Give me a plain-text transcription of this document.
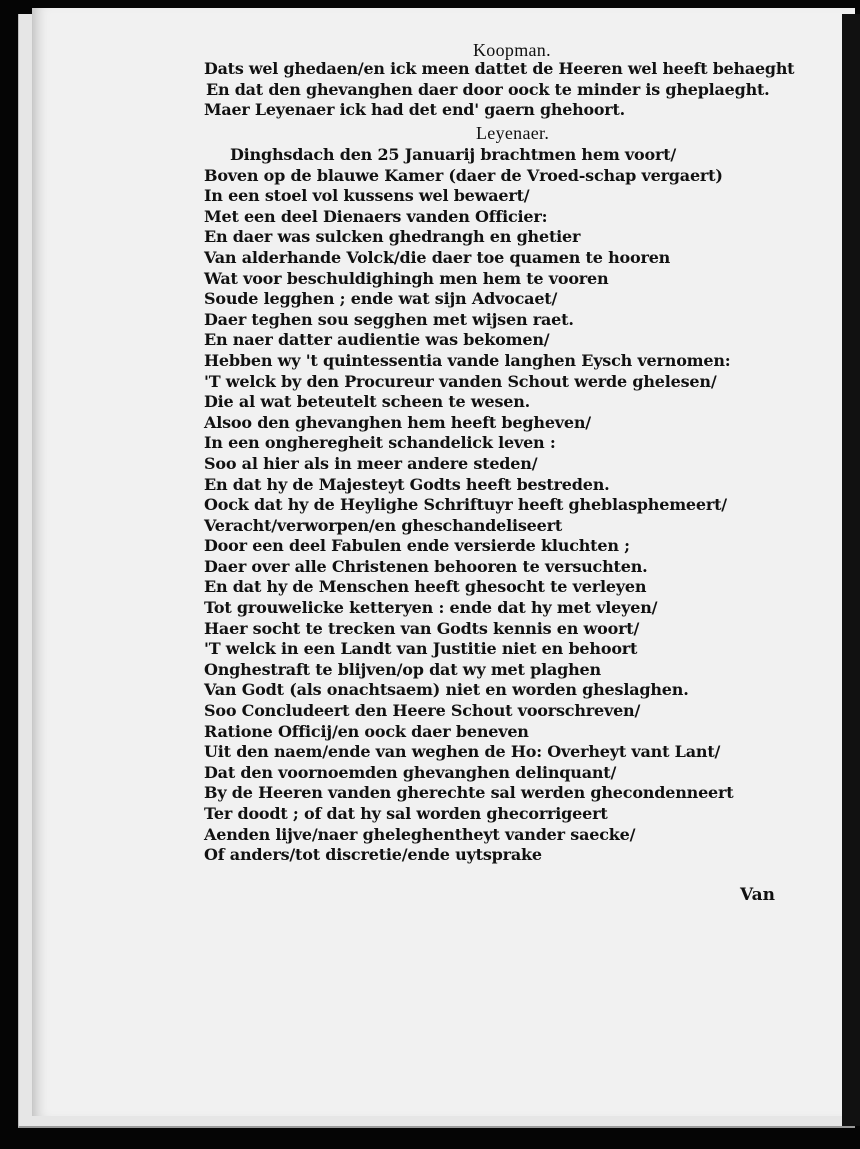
Koopman.
Dats wel ghedaen/en ick meen dattet de Heeren wel heeft behaeght
En dat den ghevanghen daer door oock te minder is gheplaeght.
Maer Leyenaer ick had det end' gaern ghehoort.
Leyenaer.
Dinghsdach den 25 Januarij brachtmen hem voort/
Boven op de blauwe Kamer (daer de Vroed-schap vergaert)
In een stoel vol kussens wel bewaert/
Met een deel Dienaers vanden Officier:
En daer was sulcken ghedrangh en ghetier
Van alderhande Volck/die daer toe quamen te hooren
Wat voor beschuldighingh men hem te vooren
Soude legghen ; ende wat sijn Advocaet/
Daer teghen sou segghen met wijsen raet.
En naer datter audientie was bekomen/
Hebben wy 't quintessentia vande langhen Eysch vernomen:
'T welck by den Procureur vanden Schout werde ghelesen/
Die al wat beteutelt scheen te wesen.
Alsoo den ghevanghen hem heeft begheven/
In een ongheregheit schandelick leven :
Soo al hier als in meer andere steden/
En dat hy de Majesteyt Godts heeft bestreden.
Oock dat hy de Heylighe Schriftuyr heeft gheblasphemeert/
Veracht/verworpen/en gheschandeliseert
Door een deel Fabulen ende versierde kluchten ;
Daer over alle Christenen behooren te versuchten.
En dat hy de Menschen heeft ghesocht te verleyen
Tot grouwelicke ketteryen : ende dat hy met vleyen/
Haer socht te trecken van Godts kennis en woort/
'T welck in een Landt van Justitie niet en behoort
Onghestraft te blijven/op dat wy met plaghen
Van Godt (als onachtsaem) niet en worden gheslaghen.
Soo Concludeert den Heere Schout voorschreven/
Ratione Officij/en oock daer beneven
Uit den naem/ende van weghen de Ho: Overheyt vant Lant/
Dat den voornoemden ghevanghen delinquant/
By de Heeren vanden gherechte sal werden ghecondenneert
Ter doodt ; of dat hy sal worden ghecorrigeert
Aenden lijve/naer gheleghentheyt vander saecke/
Of anders/tot discretie/ende uytsprake
Van
